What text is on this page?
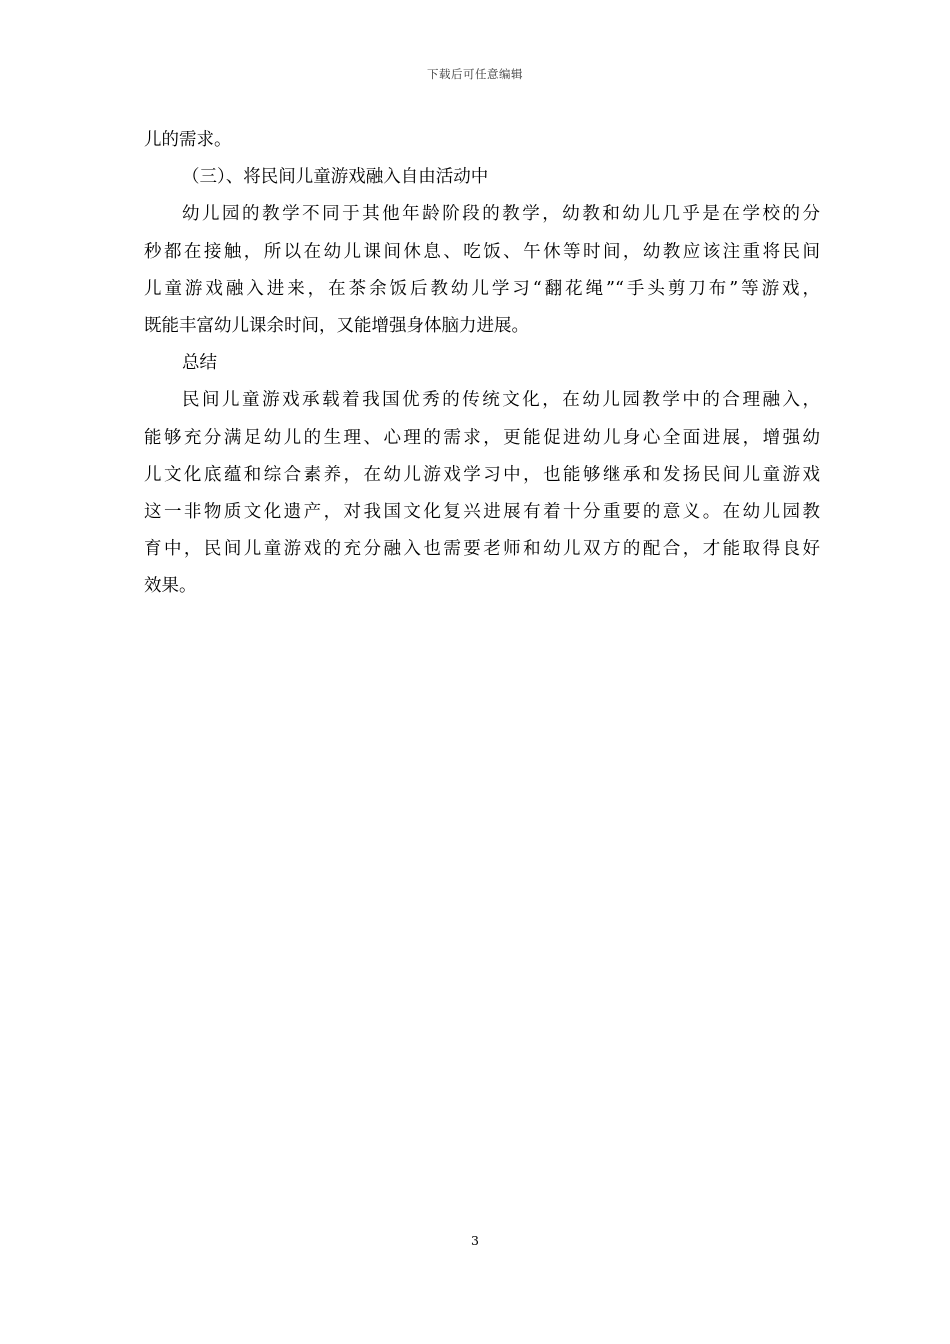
下载后可任意编辑
儿的需求。
（三）、将民间儿童游戏融入自由活动中
幼儿园的教学不同于其他年龄阶段的教学，幼教和幼儿几乎是在学校的分
秒都在接触，所以在幼儿课间休息、吃饭、午休等时间，幼教应该注重将民间
儿童游戏融入进来，在茶余饭后教幼儿学习“翻花绳”“手头剪刀布”等游戏，
既能丰富幼儿课余时间，又能增强身体脑力进展。
总结
民间儿童游戏承载着我国优秀的传统文化，在幼儿园教学中的合理融入，
能够充分满足幼儿的生理、心理的需求，更能促进幼儿身心全面进展，增强幼
儿文化底蕴和综合素养，在幼儿游戏学习中，也能够继承和发扬民间儿童游戏
这一非物质文化遗产，对我国文化复兴进展有着十分重要的意义。在幼儿园教
育中，民间儿童游戏的充分融入也需要老师和幼儿双方的配合，才能取得良好
效果。
3
